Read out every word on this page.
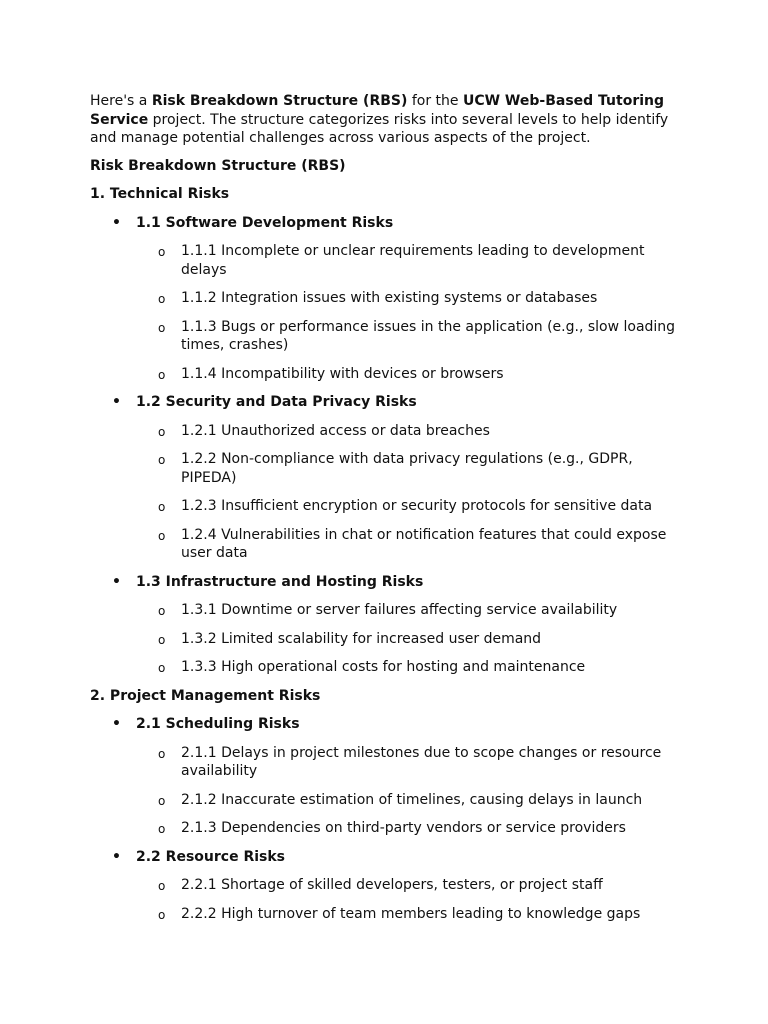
Here's a Risk Breakdown Structure (RBS) for the UCW Web-Based Tutoring Service project. The structure categorizes risks into several levels to help identify and manage potential challenges across various aspects of the project.

Risk Breakdown Structure (RBS)

1. Technical Risks

• 1.1 Software Development Risks
o 1.1.1 Incomplete or unclear requirements leading to development delays
o 1.1.2 Integration issues with existing systems or databases
o 1.1.3 Bugs or performance issues in the application (e.g., slow loading times, crashes)
o 1.1.4 Incompatibility with devices or browsers
• 1.2 Security and Data Privacy Risks
o 1.2.1 Unauthorized access or data breaches
o 1.2.2 Non-compliance with data privacy regulations (e.g., GDPR, PIPEDA)
o 1.2.3 Insufficient encryption or security protocols for sensitive data
o 1.2.4 Vulnerabilities in chat or notification features that could expose user data
• 1.3 Infrastructure and Hosting Risks
o 1.3.1 Downtime or server failures affecting service availability
o 1.3.2 Limited scalability for increased user demand
o 1.3.3 High operational costs for hosting and maintenance

2. Project Management Risks

• 2.1 Scheduling Risks
o 2.1.1 Delays in project milestones due to scope changes or resource availability
o 2.1.2 Inaccurate estimation of timelines, causing delays in launch
o 2.1.3 Dependencies on third-party vendors or service providers
• 2.2 Resource Risks
o 2.2.1 Shortage of skilled developers, testers, or project staff
o 2.2.2 High turnover of team members leading to knowledge gaps
